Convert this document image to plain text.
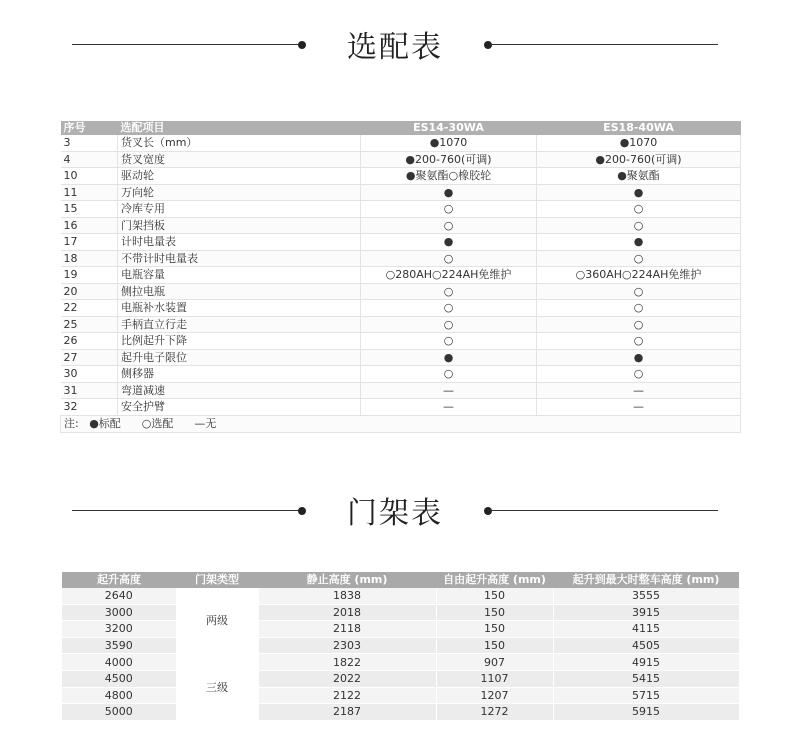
选配表
序号	选配项目	ES14-30WA	ES18-40WA
3	货叉长（mm）	●1070	●1070
4	货叉宽度	●200-760(可调)	●200-760(可调)
10	驱动轮	●聚氨酯○橡胶轮	●聚氨酯
11	万向轮	●	●
15	冷库专用	○	○
16	门架挡板	○	○
17	计时电量表	●	●
18	不带计时电量表	○	○
19	电瓶容量	○280AH○224AH免维护	○360AH○224AH免维护
20	侧拉电瓶	○	○
22	电瓶补水装置	○	○
25	手柄直立行走	○	○
26	比例起升下降	○	○
27	起升电子限位	●	●
30	侧移器	○	○
31	弯道减速	—	—
32	安全护臂	—	—
注:   ●标配      ○选配      —无			
门架表
起升高度	门架类型	静止高度 (mm)	自由起升高度 (mm)	起升到最大时整车高度 (mm)
2640	两级	1838	150	3555
3000		2018	150	3915
3200		2118	150	4115
3590		2303	150	4505
4000	三级	1822	907	4915
4500		2022	1107	5415
4800		2122	1207	5715
5000		2187	1272	5915
